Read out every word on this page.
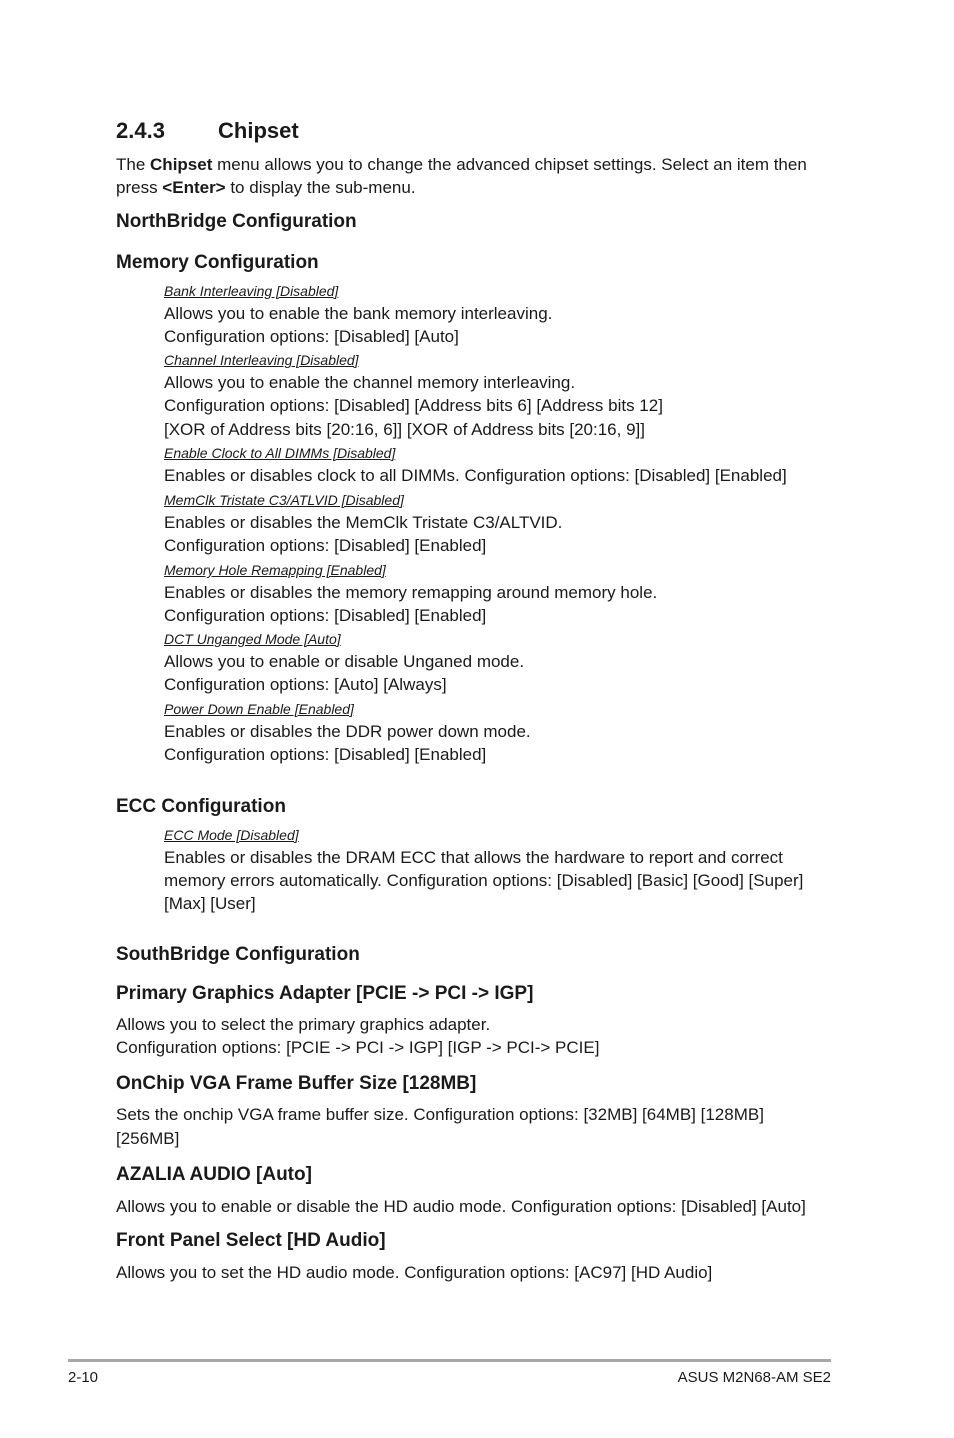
2.4.3 Chipset
The Chipset menu allows you to change the advanced chipset settings. Select an item then press <Enter> to display the sub-menu.
NorthBridge Configuration
Memory Configuration
Bank Interleaving [Disabled]
Allows you to enable the bank memory interleaving.
Configuration options: [Disabled] [Auto]
Channel Interleaving [Disabled]
Allows you to enable the channel memory interleaving.
Configuration options: [Disabled] [Address bits 6] [Address bits 12]
[XOR of Address bits [20:16, 6]] [XOR of Address bits [20:16, 9]]
Enable Clock to All DIMMs [Disabled]
Enables or disables clock to all DIMMs. Configuration options: [Disabled] [Enabled]
MemClk Tristate C3/ATLVID [Disabled]
Enables or disables the MemClk Tristate C3/ALTVID.
Configuration options: [Disabled] [Enabled]
Memory Hole Remapping [Enabled]
Enables or disables the memory remapping around memory hole.
Configuration options: [Disabled] [Enabled]
DCT Unganged Mode [Auto]
Allows you to enable or disable Unganed mode.
Configuration options: [Auto] [Always]
Power Down Enable [Enabled]
Enables or disables the DDR power down mode.
Configuration options: [Disabled] [Enabled]
ECC Configuration
ECC Mode [Disabled]
Enables or disables the DRAM ECC that allows the hardware to report and correct
memory errors automatically. Configuration options: [Disabled] [Basic] [Good] [Super]
[Max] [User]
SouthBridge Configuration
Primary Graphics Adapter [PCIE -> PCI -> IGP]
Allows you to select the primary graphics adapter.
Configuration options: [PCIE -> PCI -> IGP] [IGP -> PCI-> PCIE]
OnChip VGA Frame Buffer Size [128MB]
Sets the onchip VGA frame buffer size. Configuration options: [32MB] [64MB] [128MB]
[256MB]
AZALIA AUDIO [Auto]
Allows you to enable or disable the HD audio mode. Configuration options: [Disabled] [Auto]
Front Panel Select [HD Audio]
Allows you to set the HD audio mode. Configuration options: [AC97] [HD Audio]
2-10	ASUS M2N68-AM SE2
